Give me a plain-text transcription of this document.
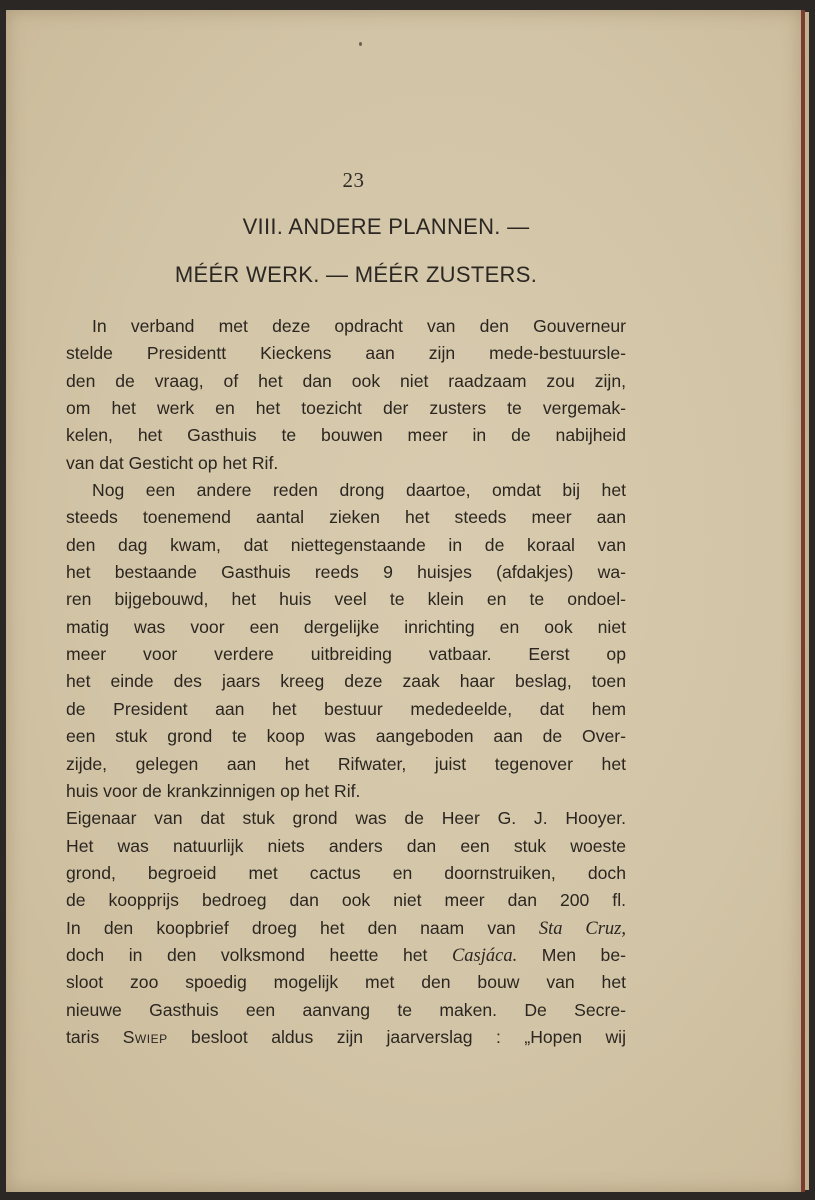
23
VIII. ANDERE PLANNEN. —
MÉÉR WERK. — MÉÉR ZUSTERS.
In verband met deze opdracht van den Gouverneur
stelde Presidentt Kieckens aan zijn mede-bestuursle-
den de vraag, of het dan ook niet raadzaam zou zijn,
om het werk en het toezicht der zusters te vergemak-
kelen, het Gasthuis te bouwen meer in de nabijheid
van dat Gesticht op het Rif.
Nog een andere reden drong daartoe, omdat bij het
steeds toenemend aantal zieken het steeds meer aan
den dag kwam, dat niettegenstaande in de koraal van
het bestaande Gasthuis reeds 9 huisjes (afdakjes) wa-
ren bijgebouwd, het huis veel te klein en te ondoel-
matig was voor een dergelijke inrichting en ook niet
meer voor verdere uitbreiding vatbaar. Eerst op
het einde des jaars kreeg deze zaak haar beslag, toen
de President aan het bestuur mededeelde, dat hem
een stuk grond te koop was aangeboden aan de Over-
zijde, gelegen aan het Rifwater, juist tegenover het
huis voor de krankzinnigen op het Rif.
Eigenaar van dat stuk grond was de Heer G. J. Hooyer.
Het was natuurlijk niets anders dan een stuk woeste
grond, begroeid met cactus en doornstruiken, doch
de koopprijs bedroeg dan ook niet meer dan 200 fl.
In den koopbrief droeg het den naam van Sta Cruz,
doch in den volksmond heette het Casjáca. Men be-
sloot zoo spoedig mogelijk met den bouw van het
nieuwe Gasthuis een aanvang te maken. De Secre-
taris Swiep besloot aldus zijn jaarverslag : „Hopen wij
